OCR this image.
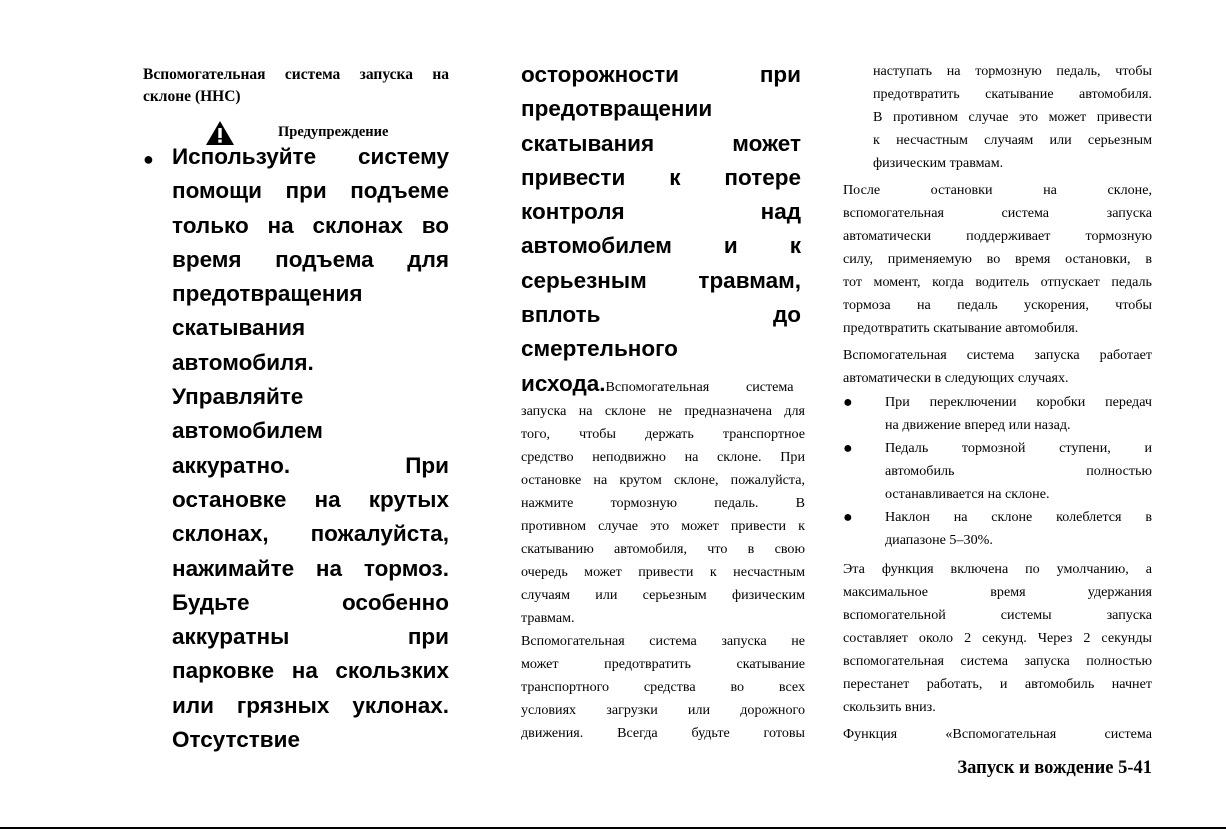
Вспомогательная система запуска на склоне (HHC)
Предупреждение
● Используйте систему
помощи при подъеме
только на склонах во
время подъема для
предотвращения
скатывания
автомобиля.
Управляйте
автомобилем
аккуратно. При
остановке на крутых
склонах, пожалуйста,
нажимайте на тормоз.
Будьте особенно
аккуратны при
парковке на скользких
или грязных уклонах.
Отсутствие
осторожности при
предотвращении
скатывания может
привести к потере
контроля над
автомобилем и к
серьезным травмам,
вплоть до
смертельного
исхода.Вспомогательная система
запуска на склоне не предназначена для
того, чтобы держать транспортное
средство неподвижно на склоне. При
остановке на крутом склоне, пожалуйста,
нажмите тормозную педаль. В
противном случае это может привести к
скатыванию автомобиля, что в свою
очередь может привести к несчастным
случаям или серьезным физическим
травмам.
Вспомогательная система запуска не
может предотвратить скатывание
транспортного средства во всех
условиях загрузки или дорожного
движения. Всегда будьте готовы
наступать на тормозную педаль, чтобы
предотвратить скатывание автомобиля.
В противном случае это может привести
к несчастным случаям или серьезным
физическим травмам.
После остановки на склоне,
вспомогательная система запуска
автоматически поддерживает тормозную
силу, применяемую во время остановки, в
тот момент, когда водитель отпускает педаль
тормоза на педаль ускорения, чтобы
предотвратить скатывание автомобиля.
Вспомогательная система запуска работает
автоматически в следующих случаях.
● При переключении коробки передач
на движение вперед или назад.
● Педаль тормозной ступени, и
автомобиль полностью
останавливается на склоне.
● Наклон на склоне колеблется в
диапазоне 5–30%.
Эта функция включена по умолчанию, а
максимальное время удержания
вспомогательной системы запуска
составляет около 2 секунд. Через 2 секунды
вспомогательная система запуска полностью
перестанет работать, и автомобиль начнет
скользить вниз.
Функция «Вспомогательная система
Запуск и вождение 5-41
